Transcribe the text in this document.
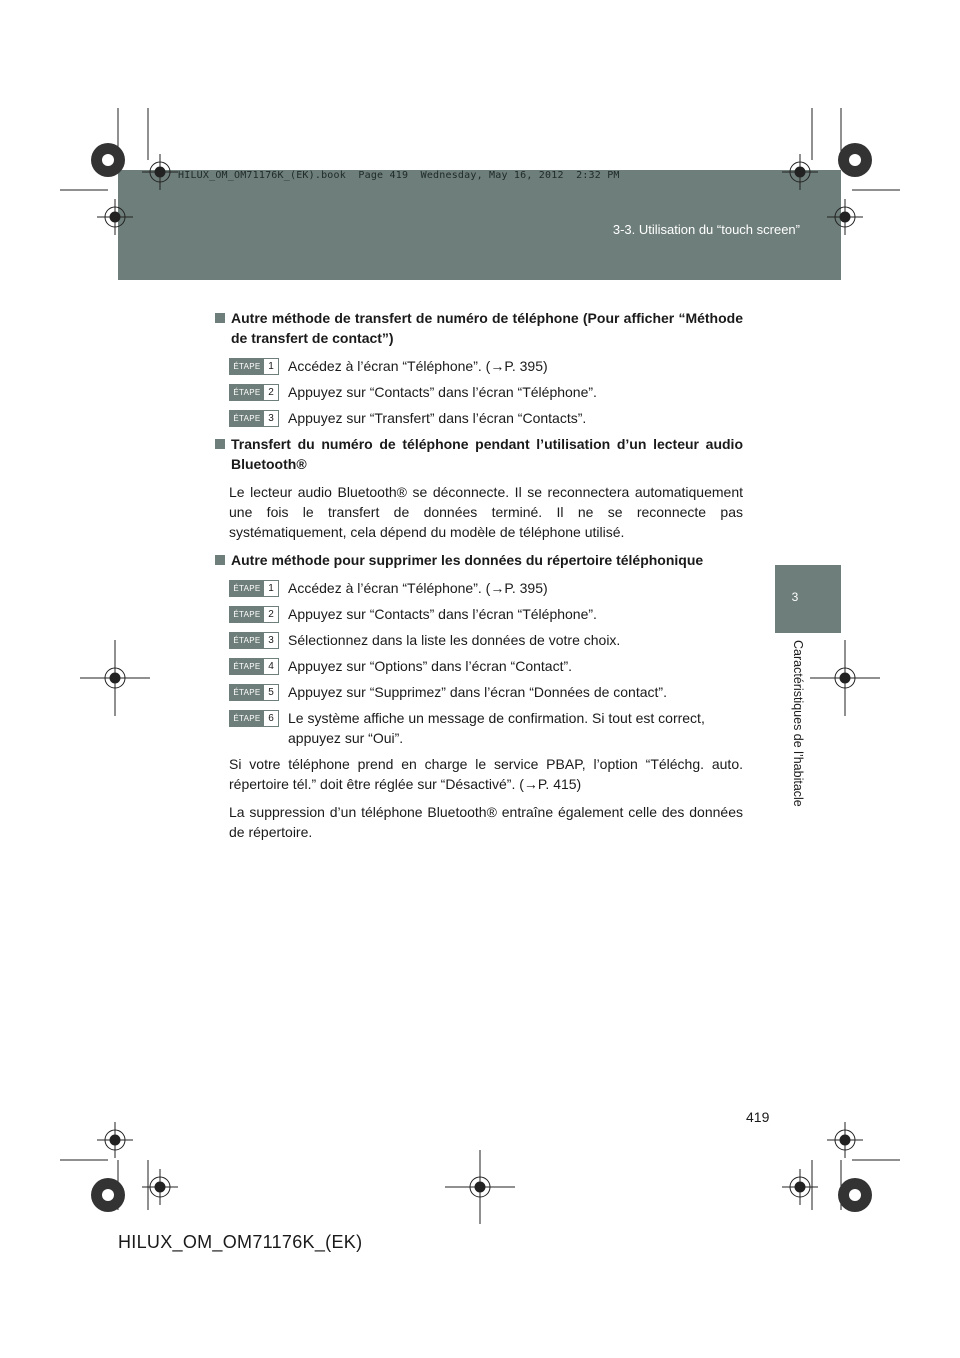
HILUX_OM_OM71176K_(EK).book  Page 419  Wednesday, May 16, 2012  2:32 PM
3-3. Utilisation du “touch screen”
3
Caractéristiques de l’habitacle
Autre méthode de transfert de numéro de téléphone (Pour afficher “Méthode de transfert de contact”)
ÉTAPE 1	Accédez à l’écran “Téléphone”. (→P. 395)
ÉTAPE 2	Appuyez sur “Contacts” dans l’écran “Téléphone”.
ÉTAPE 3	Appuyez sur “Transfert” dans l’écran “Contacts”.
Transfert du numéro de téléphone pendant l’utilisation d’un lecteur audio Bluetooth®

Le lecteur audio Bluetooth® se déconnecte. Il se reconnectera automatiquement une fois le transfert de données terminé. Il ne se reconnecte pas systématiquement, cela dépend du modèle de téléphone utilisé.

Autre méthode pour supprimer les données du répertoire téléphonique
ÉTAPE 1	Accédez à l’écran “Téléphone”. (→P. 395)
ÉTAPE 2	Appuyez sur “Contacts” dans l’écran “Téléphone”.
ÉTAPE 3	Sélectionnez dans la liste les données de votre choix.
ÉTAPE 4	Appuyez sur “Options” dans l’écran “Contact”.
ÉTAPE 5	Appuyez sur “Supprimez” dans l’écran “Données de contact”.
ÉTAPE 6	Le système affiche un message de confirmation. Si tout est correct, appuyez sur “Oui”.

Si votre téléphone prend en charge le service PBAP, l’option “Téléchg. auto. répertoire tél.” doit être réglée sur “Désactivé”. (→P. 415)

La suppression d’un téléphone Bluetooth® entraîne également celle des données de répertoire.

419
HILUX_OM_OM71176K_(EK)
